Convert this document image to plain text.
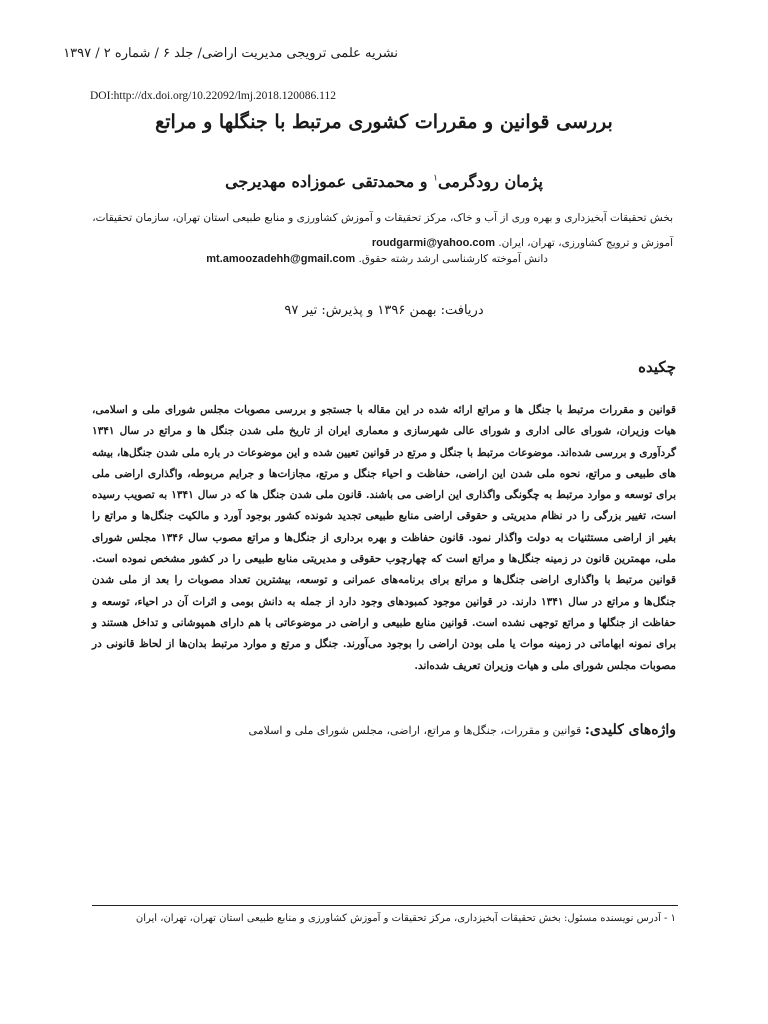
نشریه علمی ترویجی مدیریت اراضی/ جلد ۶ / شماره ۲ / ۱۳۹۷
DOI:http://dx.doi.org/10.22092/lmj.2018.120086.112
بررسی قوانین و مقررات کشوری مرتبط با جنگلها و مراتع
پژمان رودگرمی$^۱$ و محمدتقی عموزاده مهدیرجی
بخش تحقیقات آبخیزداری و بهره وری از آب و خاک، مرکز تحقیقات و آموزش کشاورزی و منابع طبیعی استان تهران، سازمان تحقیقات، آموزش و ترویج کشاورزی، تهران، ایران. roudgarmi@yahoo.com
دانش آموخته کارشناسی ارشد رشته حقوق. mt.amoozadehh@gmail.com
دریافت: بهمن ۱۳۹۶ و پذیرش: تیر ۹۷
چکیده
قوانین و مقررات مرتبط با جنگل ها و مراتع ارائه شده در این مقاله با جستجو و بررسی مصوبات مجلس شورای ملی و اسلامی، هیات وزیران، شورای عالی اداری و شورای عالی شهرسازی و معماری ایران از تاریخ ملی شدن جنگل ها و مراتع در سال ۱۳۴۱ گردآوری و بررسی شده‌اند. موضوعات مرتبط با جنگل و مرتع در قوانین تعیین شده و این موضوعات در باره ملی شدن جنگل‌ها، بیشه های طبیعی و مراتع، نحوه ملی شدن این اراضی، حفاظت و احیاء جنگل و مرتع، مجازات‌ها و جرایم مربوطه، واگذاری اراضی ملی برای توسعه و موارد مرتبط به چگونگی واگذاری این اراضی می باشند. قانون ملی شدن جنگل ها که در سال ۱۳۴۱ به تصویب رسیده است، تغییر بزرگی را در نظام مدیریتی و حقوقی اراضی منابع طبیعی تجدید شونده کشور بوجود آورد و مالکیت جنگل‌ها و مراتع را بغیر از اراضی مستثنیات به دولت واگذار نمود. قانون حفاظت و بهره برداری از جنگل‌ها و مراتع مصوب سال ۱۳۴۶ مجلس شورای ملی، مهمترین قانون در زمینه جنگل‌ها و مراتع است که چهارچوب حقوقی و مدیریتی منابع طبیعی را در کشور مشخص نموده است. قوانین مرتبط با واگذاری اراضی جنگل‌ها و مراتع برای برنامه‌های عمرانی و توسعه، بیشترین تعداد مصوبات را بعد از ملی شدن جنگل‌ها و مراتع در سال ۱۳۴۱ دارند. در قوانین موجود کمبودهای وجود دارد از جمله به دانش بومی و اثرات آن در احیاء، توسعه و حفاظت از جنگلها و مراتع توجهی نشده است. قوانین منابع طبیعی و اراضی در موضوعاتی با هم دارای همپوشانی و تداخل هستند و برای نمونه ابهاماتی در زمینه موات یا ملی بودن اراضی را بوجود می‌آورند. جنگل و مرتع و موارد مرتبط بدان‌ها از لحاظ قانونی در مصوبات مجلس شورای ملی و هیات وزیران تعریف شده‌اند.
واژه‌های کلیدی: قوانین و مقررات، جنگل‌ها و مراتع، اراضی، مجلس شورای ملی و اسلامی
۱ - آدرس نویسنده مسئول: بخش تحقیقات آبخیزداری، مرکز تحقیقات و آموزش کشاورزی و منابع طبیعی استان تهران، تهران، ایران
